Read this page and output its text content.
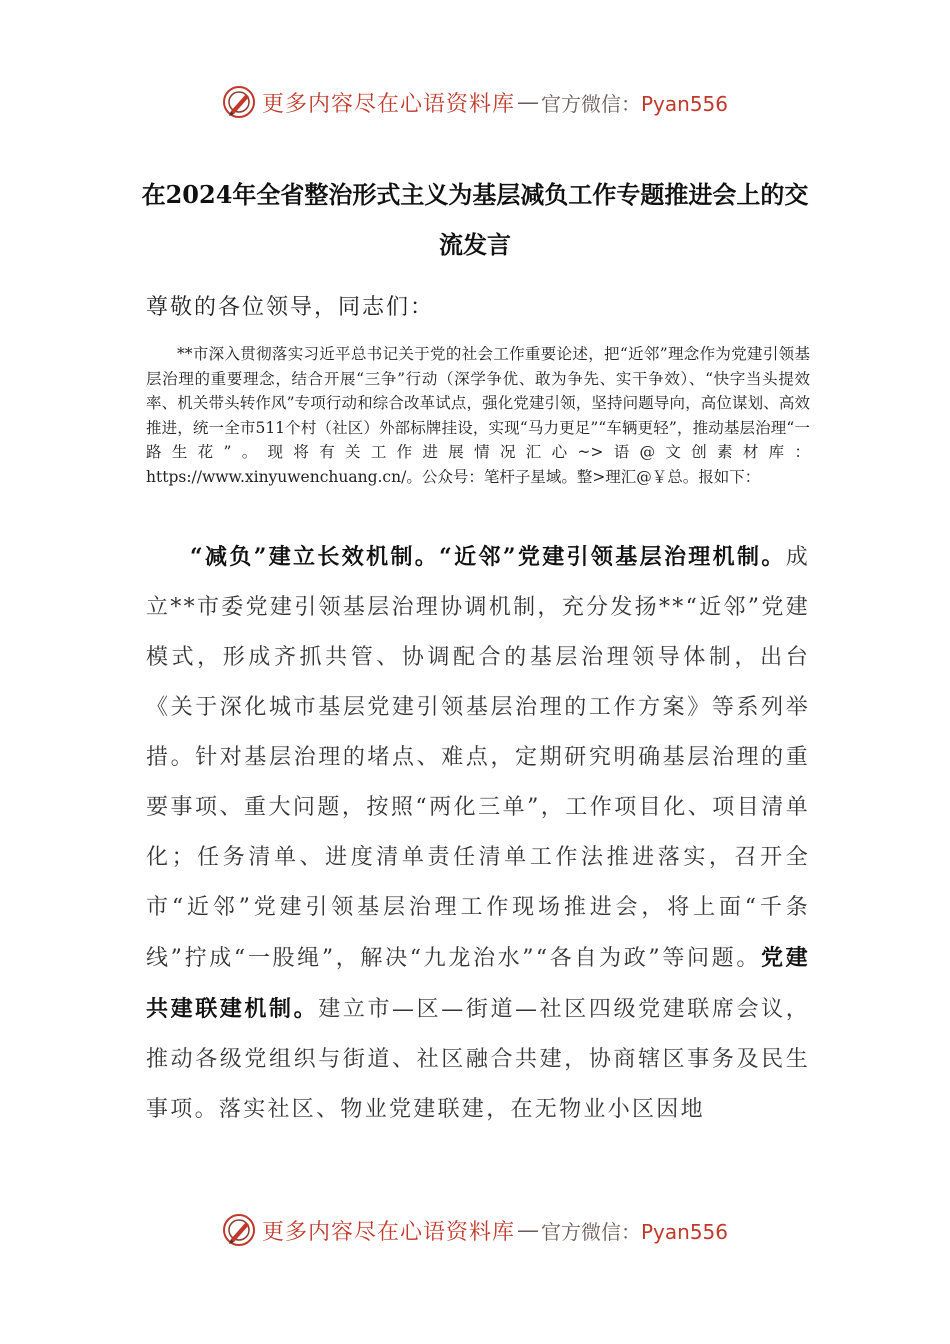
更多内容尽在心语资料库 — 官方微信：Pyan556
在2024年全省整治形式主义为基层减负工作专题推进会上的交流发言
尊敬的各位领导，同志们：

**市深入贯彻落实习近平总书记关于党的社会工作重要论述，把“近邻”理念作为党建引领基层治理的重要理念，结合开展“三争”行动（深学争优、敢为争先、实干争效）、“快字当头提效率、机关带头转作风”专项行动和综合改革试点，强化党建引领，坚持问题导向，高位谋划、高效推进，统一全市511个村（社区）外部标牌挂设，实现“马力更足”“车辆更轻”，推动基层治理“一路生花”。现将有关工作进展情况汇心~>语@文创素材库：https://www.xinyuwenchuang.cn/。公众号：笔杆子星域。整>理汇@￥总。报如下：

“减负”建立长效机制。“近邻”党建引领基层治理机制。成立**市委党建引领基层治理协调机制，充分发扬**“近邻”党建模式，形成齐抓共管、协调配合的基层治理领导体制，出台《关于深化城市基层党建引领基层治理的工作方案》等系列举措。针对基层治理的堵点、难点，定期研究明确基层治理的重要事项、重大问题，按照“两化三单”，工作项目化、项目清单化；任务清单、进度清单责任清单工作法推进落实，召开全市“近邻”党建引领基层治理工作现场推进会，将上面“千条线”拧成“一股绳”，解决“九龙治水”“各自为政”等问题。党建共建联建机制。建立市—区—街道—社区四级党建联席会议，推动各级党组织与街道、社区融合共建，协商辖区事务及民生事项。落实社区、物业党建联建，在无物业小区因地

更多内容尽在心语资料库 — 官方微信：Pyan556
